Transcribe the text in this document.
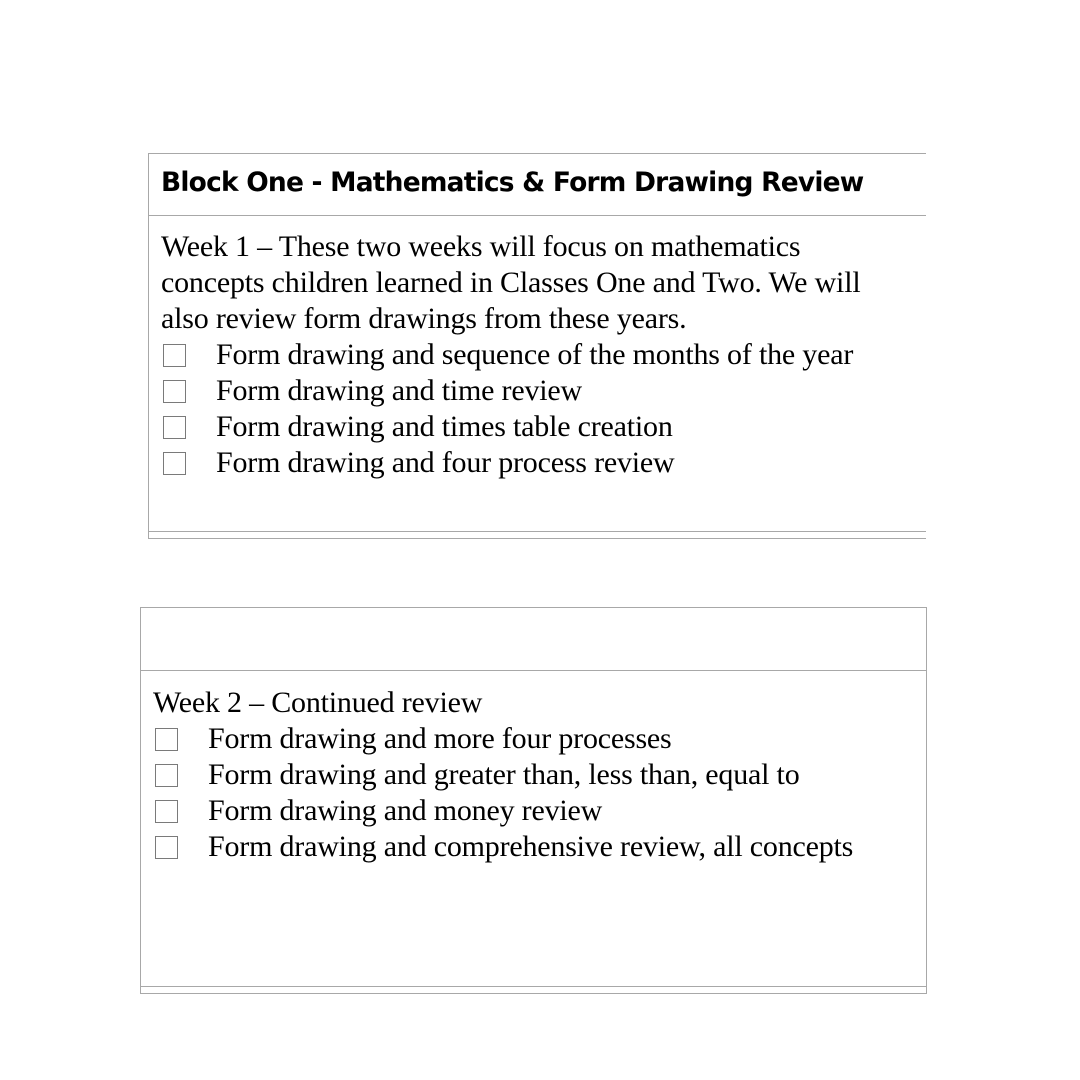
Block One - Mathematics & Form Drawing Review

Week 1 – These two weeks will focus on mathematics concepts children learned in Classes One and Two. We will also review form drawings from these years.

Form drawing and sequence of the months of the year
Form drawing and time review
Form drawing and times table creation
Form drawing and four process review

Week 2 – Continued review

Form drawing and more four processes
Form drawing and greater than, less than, equal to
Form drawing and money review
Form drawing and comprehensive review, all concepts
